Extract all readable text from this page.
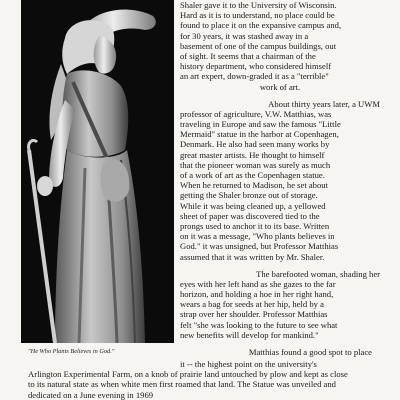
"He Who Plants Believes in God."
Shaler gave it to the University of Wisconsin.
Hard as it is to understand, no place could be
found to place it on the expansive campus and,
for 30 years, it was stashed away in a
basement of one of the campus buildings, out
of sight. It seems that a chairman of the
history department, who considered himself
an art expert, down-graded it as a "terrible"
work of art.
About thirty years later, a UWM
professor of agriculture, V.W. Matthias, was
traveling in Europe and saw the famous "Little
Mermaid" statue in the harbor at Copenhagen,
Denmark. He also had seen many works by
great master artists. He thought to himself
that the pioneer woman was surely as much
of a work of art as the Copenhagen statue.
When he returned to Madison, he set about
getting the Shaler bronze out of storage.
While it was being cleaned up, a yellowed
sheet of paper was discovered tied to the
prongs used to anchor it to its base. Written
on it was a message, "Who plants believes in
God." it was unsigned, but Professor Matthias
assumed that it was written by Mr. Shaler.
The barefooted woman, shading her
eyes with her left hand as she gazes to the far
horizon, and holding a hoe in her right hand,
wears a bag for seeds at her hip, held by a
strap over her shoulder. Professor Matthias
felt "she was looking to the future to see what
new benefits will develop for mankind."
Matthias found a good spot to place
it -- the highest point on the university's
Arlington Experimental Farm, on a knob of prairie land untouched by plow and kept as close
to its natural state as when white men first roamed that land. The Statue was unveiled and
dedicated on a June evening in 1969
